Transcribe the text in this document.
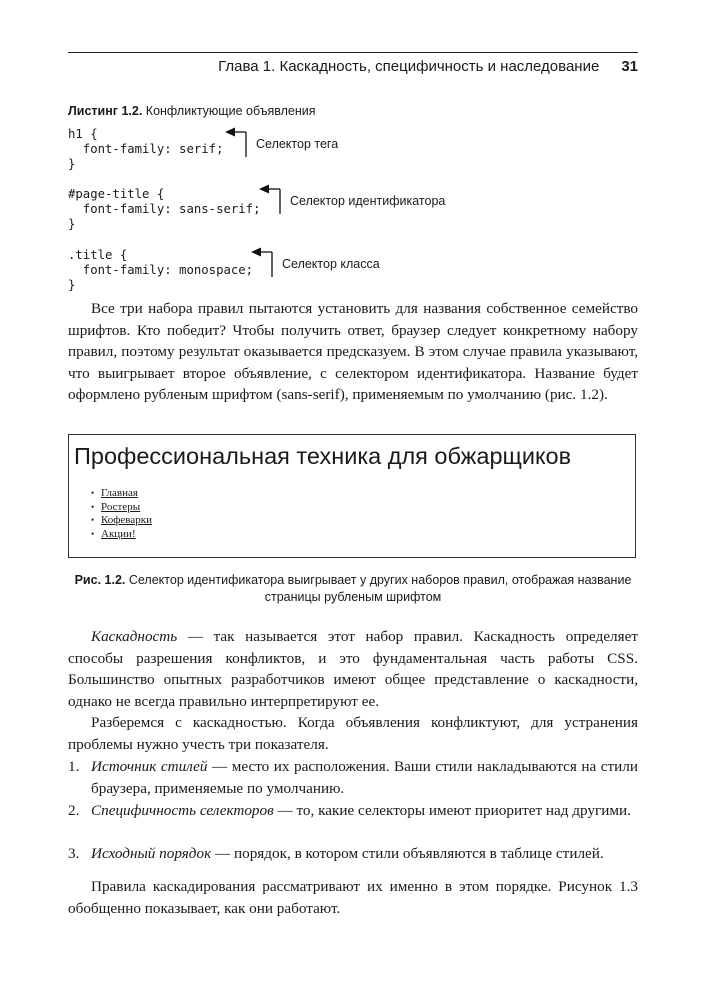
Глава 1. Каскадность, специфичность и наследование 31
Листинг 1.2. Конфликтующие объявления
h1 {
font-family: serif;
}
Селектор тега
#page-title {
font-family: sans-serif;
}
Селектор идентификатора
.title {
font-family: monospace;
}
Селектор класса

Все три набора правил пытаются установить для названия собственное семейство шрифтов. Кто победит? Чтобы получить ответ, браузер следует конкретному набору правил, поэтому результат оказывается предсказуем. В этом случае правила указывают, что выигрывает второе объявление, с селектором идентификатора. Название будет оформлено рубленым шрифтом (sans-serif), применяемым по умолчанию (рис. 1.2).

Профессиональная техника для обжарщиков
• Главная
• Ростеры
• Кофеварки
• Акции!
Рис. 1.2. Селектор идентификатора выигрывает у других наборов правил, отображая название страницы рубленым шрифтом

Каскадность — так называется этот набор правил. Каскадность определяет способы разрешения конфликтов, и это фундаментальная часть работы CSS. Большинство опытных разработчиков имеют общее представление о каскадности, однако не всегда правильно интерпретируют ее.

Разберемся с каскадностью. Когда объявления конфликтуют, для устранения проблемы нужно учесть три показателя.

1. Источник стилей — место их расположения. Ваши стили накладываются на стили браузера, применяемые по умолчанию.
2. Специфичность селекторов — то, какие селекторы имеют приоритет над другими.
3. Исходный порядок — порядок, в котором стили объявляются в таблице стилей.

Правила каскадирования рассматривают их именно в этом порядке. Рисунок 1.3 обобщенно показывает, как они работают.
